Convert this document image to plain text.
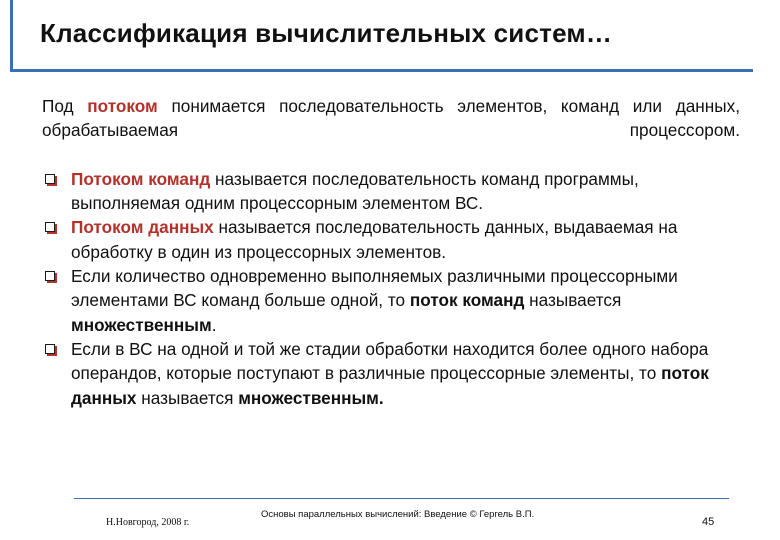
Классификация вычислительных систем…

Под потоком понимается последовательность элементов, команд или данных, обрабатываемая процессором.

Потоком команд называется последовательность команд программы, выполняемая одним процессорным элементом ВС.
Потоком данных называется последовательность данных, выдаваемая на обработку в один из процессорных элементов.
Если количество одновременно выполняемых различными процессорными элементами ВС команд больше одной, то поток команд называется множественным.
Если в ВС на одной и той же стадии обработки находится более одного набора операндов, которые поступают в различные процессорные элементы, то поток данных называется множественным.
Н.Новгород, 2008 г.
Основы параллельных вычислений: Введение © Гергель В.П.
45
